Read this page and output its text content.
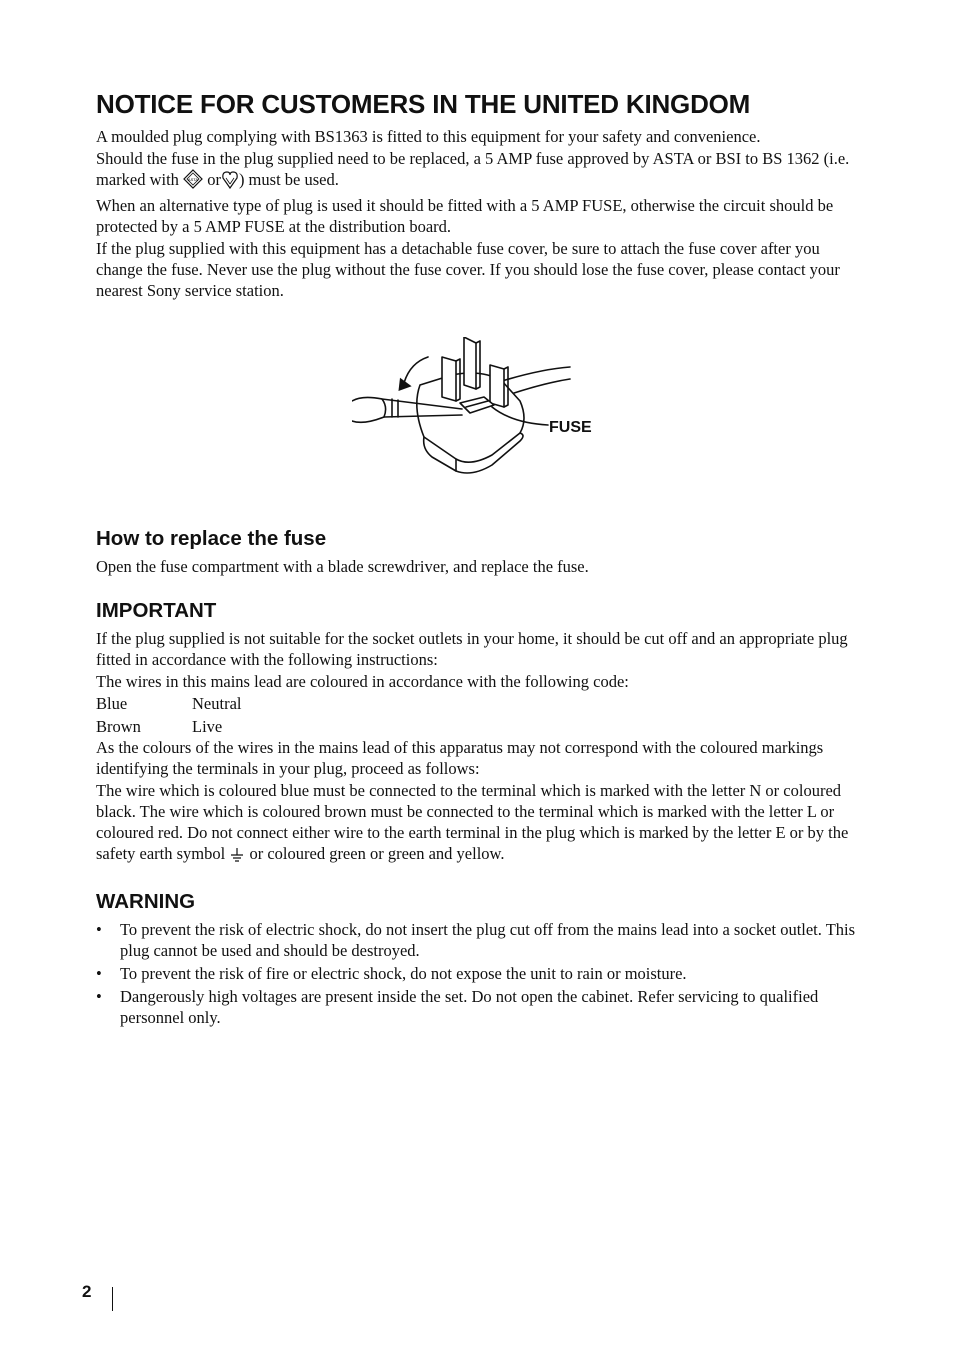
NOTICE FOR CUSTOMERS IN THE UNITED KINGDOM

A moulded plug complying with BS1363 is fitted to this equipment for your safety and convenience.

Should the fuse in the plug supplied need to be replaced, a 5 AMP fuse approved by ASTA or BSI to BS 1362 (i.e. marked with ASTA or ) must be used.

When an alternative type of plug is used it should be fitted with a 5 AMP FUSE, otherwise the circuit should be protected by a 5 AMP FUSE at the distribution board.

If the plug supplied with this equipment has a detachable fuse cover, be sure to attach the fuse cover after you change the fuse. Never use the plug without the fuse cover. If you should lose the fuse cover, please contact your nearest Sony service station.

FUSE
How to replace the fuse

Open the fuse compartment with a blade screwdriver, and replace the fuse.

IMPORTANT

If the plug supplied is not suitable for the socket outlets in your home, it should be cut off and an appropriate plug fitted in accordance with the following instructions:

The wires in this mains lead are coloured in accordance with the following code:

Blue	Neutral
Brown	Live

As the colours of the wires in the mains lead of this apparatus may not correspond with the coloured markings identifying the terminals in your plug, proceed as follows:

The wire which is coloured blue must be connected to the terminal which is marked with the letter N or coloured black. The wire which is coloured brown must be connected to the terminal which is marked with the letter L or coloured red. Do not connect either wire to the earth terminal in the plug which is marked by the letter E or by the safety earth symbol or coloured green or green and yellow.

WARNING
• To prevent the risk of electric shock, do not insert the plug cut off from the mains lead into a socket outlet. This plug cannot be used and should be destroyed.
• To prevent the risk of fire or electric shock, do not expose the unit to rain or moisture.
• Dangerously high voltages are present inside the set. Do not open the cabinet. Refer servicing to qualified personnel only.
2
